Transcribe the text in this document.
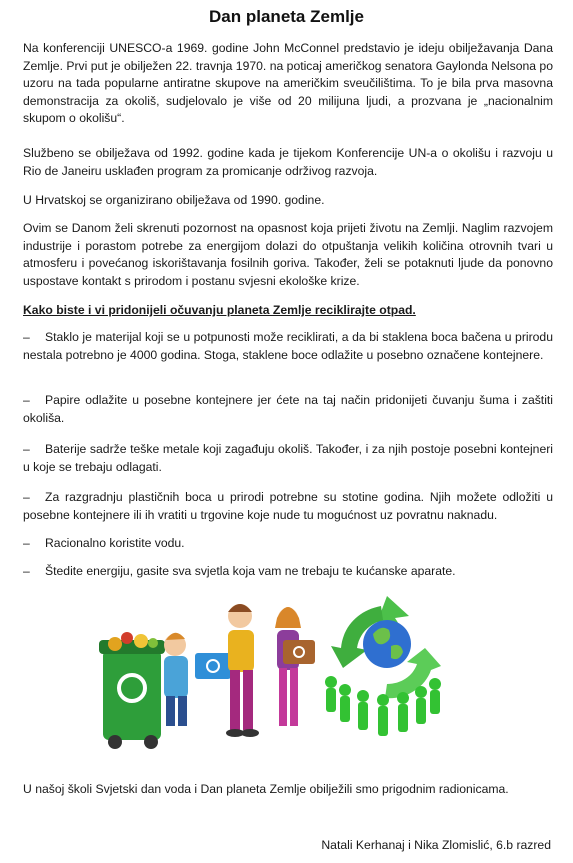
Dan planeta Zemlje

Na konferenciji UNESCO-a 1969. godine John McConnel predstavio je ideju obilježavanja Dana Zemlje. Prvi put je obilježen 22. travnja 1970. na poticaj američkog senatora Gaylonda Nelsona po uzoru na tada popularne antiratne skupove na američkim sveučilištima. To je bila prva masovna demonstracija za okoliš, sudjelovalo je više od 20 milijuna ljudi, a prozvana je „nacionalnim skupom o okolišu“.

Službeno se obilježava od 1992. godine kada je tijekom Konferencije UN-a o okolišu i razvoju u Rio de Janeiru usklađen program za promicanje održivog razvoja.

U Hrvatskoj se organizirano obilježava od 1990. godine.

Ovim se Danom želi skrenuti pozornost na opasnost koja prijeti životu na Zemlji. Naglim razvojem industrije i porastom potrebe za energijom dolazi do otpuštanja velikih količina otrovnih tvari u atmosferu i povećanog iskorištavanja fosilnih goriva. Također, želi se potaknuti ljude da ponovno uspostave kontakt s prirodom i postanu svjesni ekološke krize.

Kako biste i vi pridonijeli očuvanju planeta Zemlje reciklirajte otpad.

– Staklo je materijal koji se u potpunosti može reciklirati, a da bi staklena boca bačena u prirodu nestala potrebno je 4000 godina. Stoga, staklene boce odlažite u posebno označene kontejnere.

– Papire odlažite u posebne kontejnere jer ćete na taj način pridonijeti čuvanju šuma i zaštiti okoliša.

– Baterije sadrže teške metale koji zagađuju okoliš. Također, i za njih postoje posebni kontejneri u koje se trebaju odlagati.

– Za razgradnju plastičnih boca u prirodi potrebne su stotine godina. Njih možete odložiti u posebne kontejnere ili ih vratiti u trgovine koje nude tu mogućnost uz povratnu naknadu.

– Racionalno koristite vodu.

– Štedite energiju, gasite sva svjetla koja vam ne trebaju te kućanske aparate.

U našoj školi Svjetski dan voda i Dan planeta Zemlje obilježili smo prigodnim radionicama.

Natali Kerhanaj i Nika Zlomislić, 6.b razred
